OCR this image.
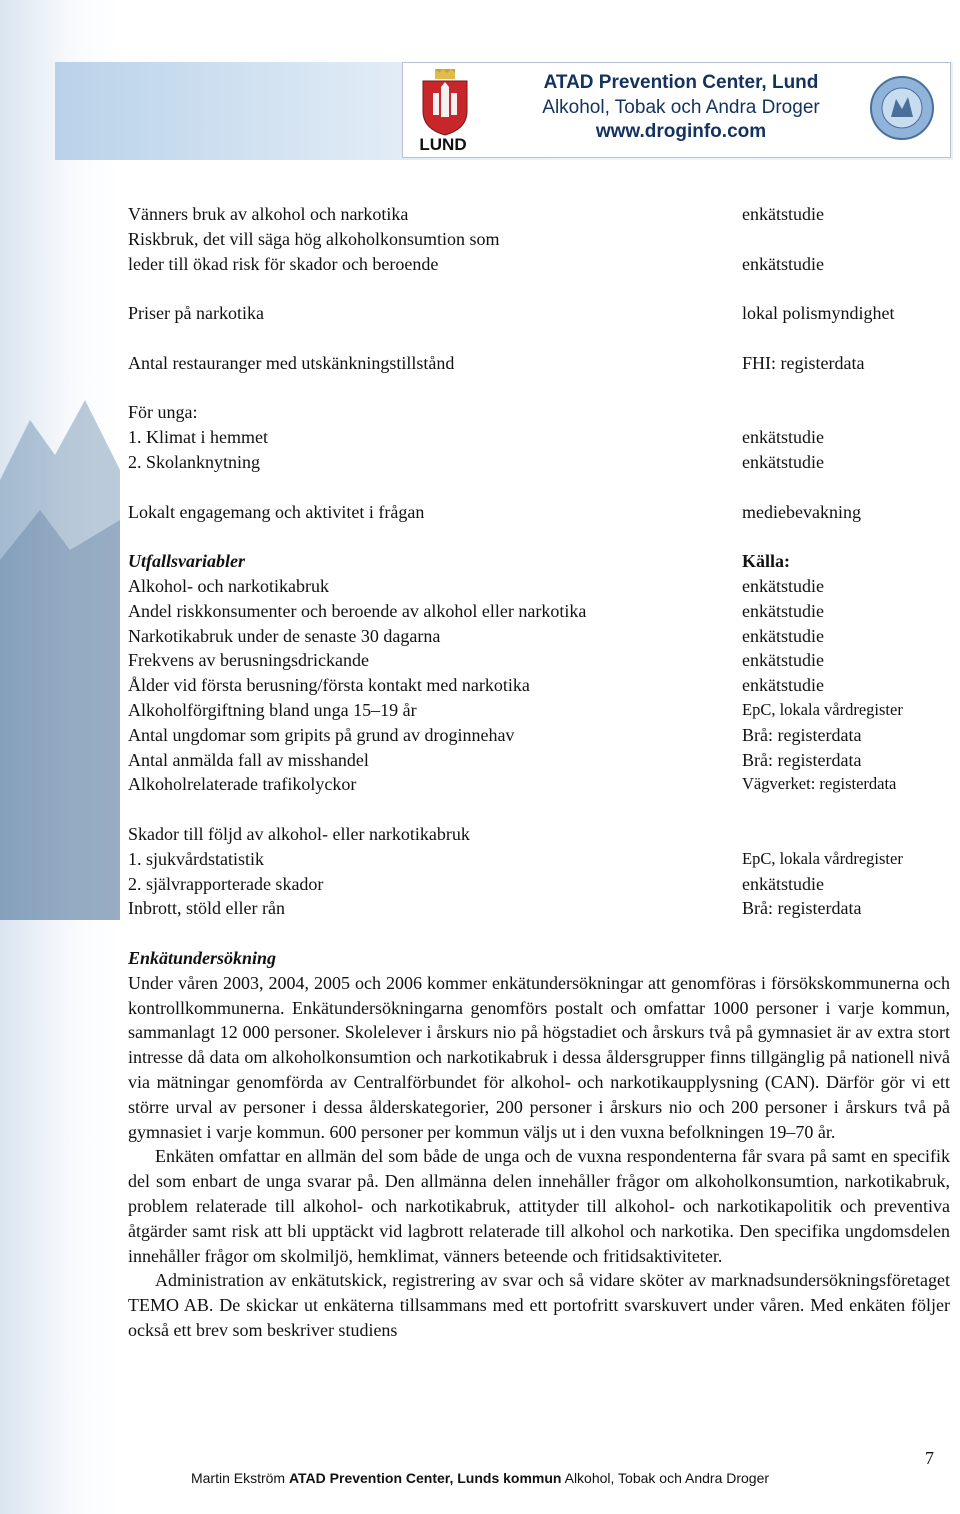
LUND
ATAD Prevention Center, Lund
Alkohol, Tobak och Andra Droger
www.droginfo.com
Vänners bruk av alkohol och narkotika
Riskbruk, det vill säga hög alkoholkonsumtion som
leder till ökad risk för skador och beroende
Priser på narkotika
Antal restauranger med utskänkningstillstånd
För unga:
1. Klimat i hemmet
2. Skolanknytning
Lokalt engagemang och aktivitet i frågan
Utfallsvariabler
Alkohol- och narkotikabruk
Andel riskkonsumenter och beroende av alkohol eller narkotika
Narkotikabruk under de senaste 30 dagarna
Frekvens av berusningsdrickande
Ålder vid första berusning/första kontakt med narkotika
Alkoholförgiftning bland unga 15–19 år
Antal ungdomar som gripits på grund av droginnehav
Antal anmälda fall av misshandel
Alkoholrelaterade trafikolyckor
Skador till följd av alkohol- eller narkotikabruk
1. sjukvårdstatistik
2. självrapporterade skador
Inbrott, stöld eller rån
enkätstudie
enkätstudie
lokal polismyndighet
FHI: registerdata
enkätstudie
enkätstudie
mediebevakning
Källa:
enkätstudie
enkätstudie
enkätstudie
enkätstudie
enkätstudie
EpC, lokala vårdregister
Brå: registerdata
Brå: registerdata
Vägverket: registerdata
EpC, lokala vårdregister
enkätstudie
Brå: registerdata
Enkätundersökning

Under våren 2003, 2004, 2005 och 2006 kommer enkätundersökningar att genomföras i försökskommunerna och kontrollkommunerna. Enkätundersökningarna genomförs postalt och omfattar 1000 personer i varje kommun, sammanlagt 12 000 personer. Skolelever i årskurs nio på högstadiet och årskurs två på gymnasiet är av extra stort intresse då data om alkoholkonsumtion och narkotikabruk i dessa åldersgrupper finns tillgänglig på nationell nivå via mätningar genomförda av Centralförbundet för alkohol- och narkotikaupplysning (CAN). Därför gör vi ett större urval av personer i dessa ålderskategorier, 200 personer i årskurs nio och 200 personer i årskurs två på gymnasiet i varje kommun. 600 personer per kommun väljs ut i den vuxna befolkningen 19–70 år.

Enkäten omfattar en allmän del som både de unga och de vuxna respondenterna får svara på samt en specifik del som enbart de unga svarar på. Den allmänna delen innehåller frågor om alkoholkonsumtion, narkotikabruk, problem relaterade till alkohol- och narkotikabruk, attityder till alkohol- och narkotikapolitik och preventiva åtgärder samt risk att bli upptäckt vid lagbrott relaterade till alkohol och narkotika. Den specifika ungdomsdelen innehåller frågor om skolmiljö, hemklimat, vänners beteende och fritidsaktiviteter.

Administration av enkätutskick, registrering av svar och så vidare sköter av marknadsundersökningsföretaget TEMO AB. De skickar ut enkäterna tillsammans med ett portofritt svarskuvert under våren. Med enkäten följer också ett brev som beskriver studiens

7
Martin Ekström ATAD Prevention Center, Lunds kommun Alkohol, Tobak och Andra Droger
